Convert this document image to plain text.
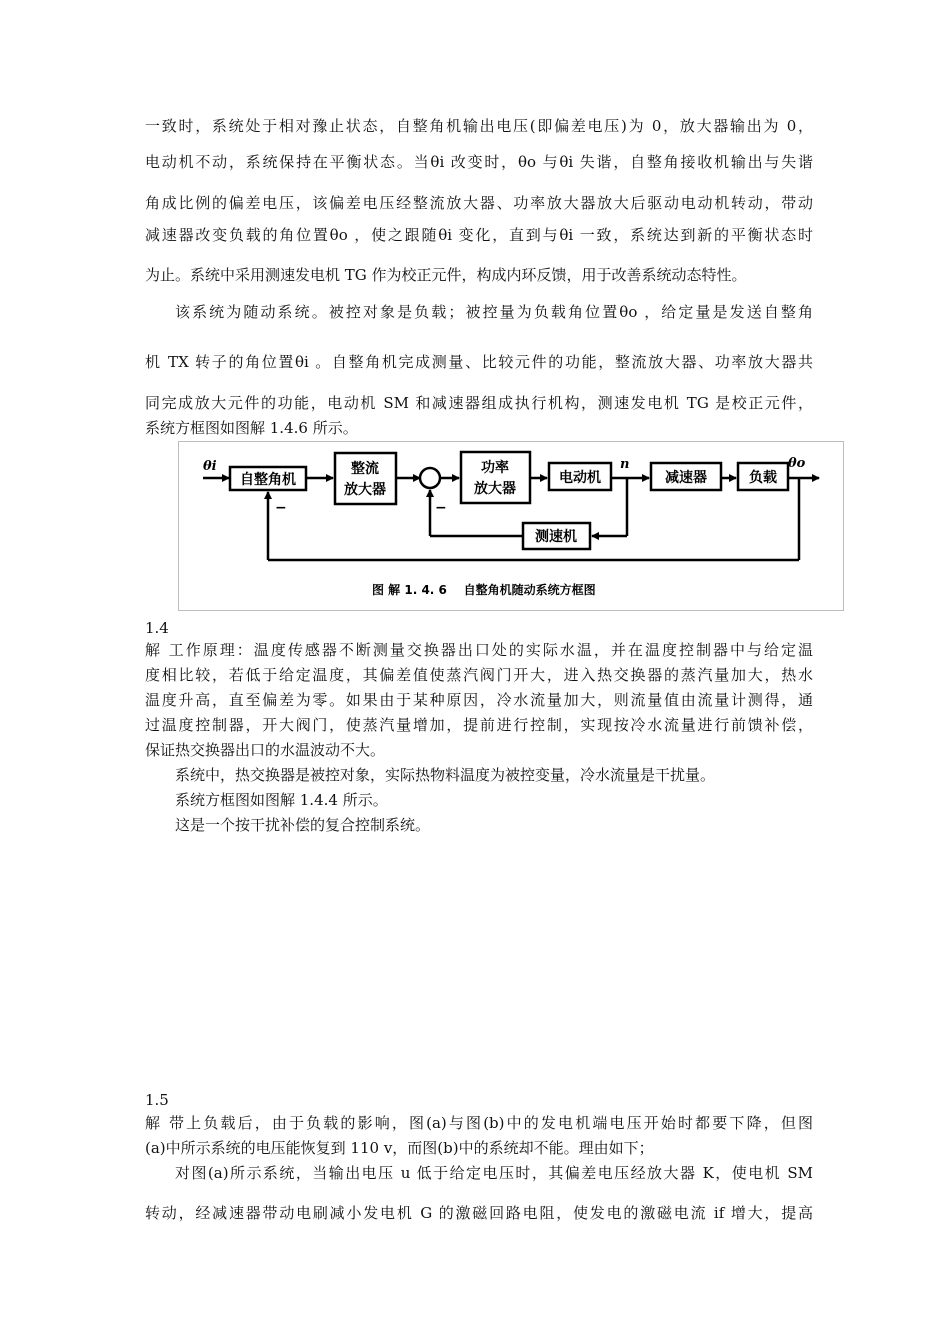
一致时，系统处于相对豫止状态，自整角机输出电压(即偏差电压)为 0，放大器输出为 0，
电动机不动，系统保持在平衡状态。当θi 改变时，θo 与θi 失谐，自整角接收机输出与失谐
角成比例的偏差电压，该偏差电压经整流放大器、功率放大器放大后驱动电动机转动，带动
减速器改变负载的角位置θo ，使之跟随θi 变化，直到与θi 一致，系统达到新的平衡状态时
为止。系统中采用测速发电机 TG 作为校正元件，构成内环反馈，用于改善系统动态特性。
该系统为随动系统。被控对象是负载；被控量为负载角位置θo ，给定量是发送自整角
机 TX 转子的角位置θi 。自整角机完成测量、比较元件的功能，整流放大器、功率放大器共
同完成放大元件的功能，电动机 SM 和减速器组成执行机构，测速发电机 TG 是校正元件，
系统方框图如图解 1.4.6 所示。
θi
自整角机
整流
放大器
功率
放大器
电动机
n
减速器	负载
θo
测速机
−
−
图 解 1. 4. 6    自整角机随动系统方框图
1.4
解 工作原理：温度传感器不断测量交换器出口处的实际水温，并在温度控制器中与给定温
度相比较，若低于给定温度，其偏差值使蒸汽阀门开大，进入热交换器的蒸汽量加大，热水
温度升高，直至偏差为零。如果由于某种原因，冷水流量加大，则流量值由流量计测得，通
过温度控制器，开大阀门，使蒸汽量增加，提前进行控制，实现按冷水流量进行前馈补偿，
保证热交换器出口的水温波动不大。
系统中，热交换器是被控对象，实际热物料温度为被控变量，冷水流量是干扰量。
系统方框图如图解 1.4.4 所示。
这是一个按干扰补偿的复合控制系统。
1.5
解 带上负载后，由于负载的影响，图(a)与图(b)中的发电机端电压开始时都要下降，但图
(a)中所示系统的电压能恢复到 110 v，而图(b)中的系统却不能。理由如下；
对图(a)所示系统，当输出电压 u 低于给定电压时，其偏差电压经放大器 K，使电机 SM
转动，经减速器带动电刷减小发电机 G 的激磁回路电阻，使发电的激磁电流 if 增大，提高
